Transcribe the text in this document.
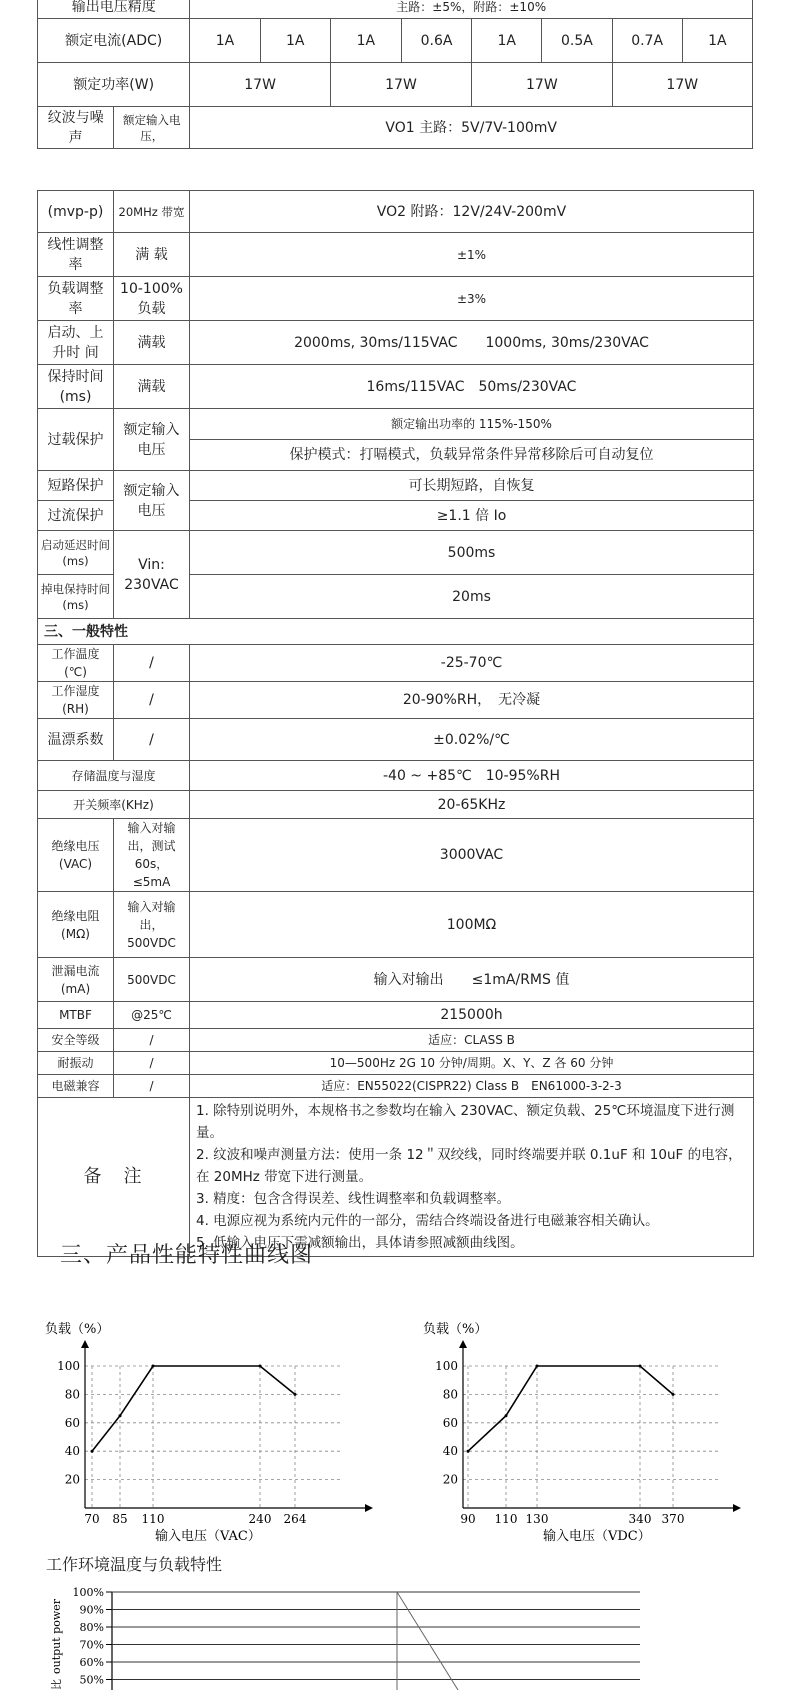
输出电压精度		主路：±5%，附路：±10%							
额定电流(ADC)		1A	1A	1A	0.6A	1A	0.5A	0.7A	1A
额定功率(W)		17W		17W		17W		17W	
纹波与噪声	额定输入电压，	VO1 主路：5V/7V-100mV							
(mvp-p)	20MHz 带宽	VO2 附路：12V/24V-200mV
线性调整率	满 载	±1%
负载调整率	10-100% 负载	±3%
启动、上升时 间	满载	2000ms, 30ms/115VAC　　1000ms, 30ms/230VAC
保持时间(ms)	满载	16ms/115VAC　50ms/230VAC
过载保护	额定输入电压	额定输出功率的 115%-150%
		保护模式：打嗝模式，负载异常条件异常移除后可自动复位
短路保护	额定输入电压	可长期短路，自恢复
过流保护		≥1.1 倍 Io
启动延迟时间(ms)	Vin: 230VAC	500ms
掉电保持时间(ms)		20ms
三、一般特性		
工作温度(℃)	/	-25-70℃
工作湿度(RH)	/	20-90%RH，　无冷凝
温漂系数	/	±0.02%/℃
存储温度与湿度		-40 ~ +85℃　10-95%RH
开关频率(KHz)		20-65KHz
绝缘电压(VAC)	输入对输出，测试60s，≤5mA	3000VAC
绝缘电阻(MΩ)	输入对输出，500VDC	100MΩ
泄漏电流(mA)	500VDC	输入对输出　　≤1mA/RMS 值
MTBF	@25℃	215000h
安全等级	/	适应：CLASS B
耐振动	/	10—500Hz 2G 10 分钟/周期。X、Y、Z 各 60 分钟
电磁兼容	/	适应：EN55022(CISPR22) Class B　EN61000-3-2-3
备　注		1. 除特别说明外，本规格书之参数均在输入 230VAC、额定负载、25℃环境温度下进行测量。
2. 纹波和噪声测量方法：使用一条 12＂双绞线，同时终端要并联 0.1uF 和 10uF 的电容，在 20MHz 带宽下进行测量。
3. 精度：包含含得误差、线性调整率和负载调整率。
4. 电源应视为系统内元件的一部分，需结合终端设备进行电磁兼容相关确认。
5. 低输入电压下需减额输出，具体请参照减额曲线图。
三、产品性能特性曲线图
负载（%）
输入电压（VAC）
20
40
60
80
100
70 85 110	240 264
负载（%）
输入电压（VDC）
20
40
60
80
100
90 110 130	340 370
工作环境温度与负载特性
比
output power
100%
90%
80%
70%
60%
50%
